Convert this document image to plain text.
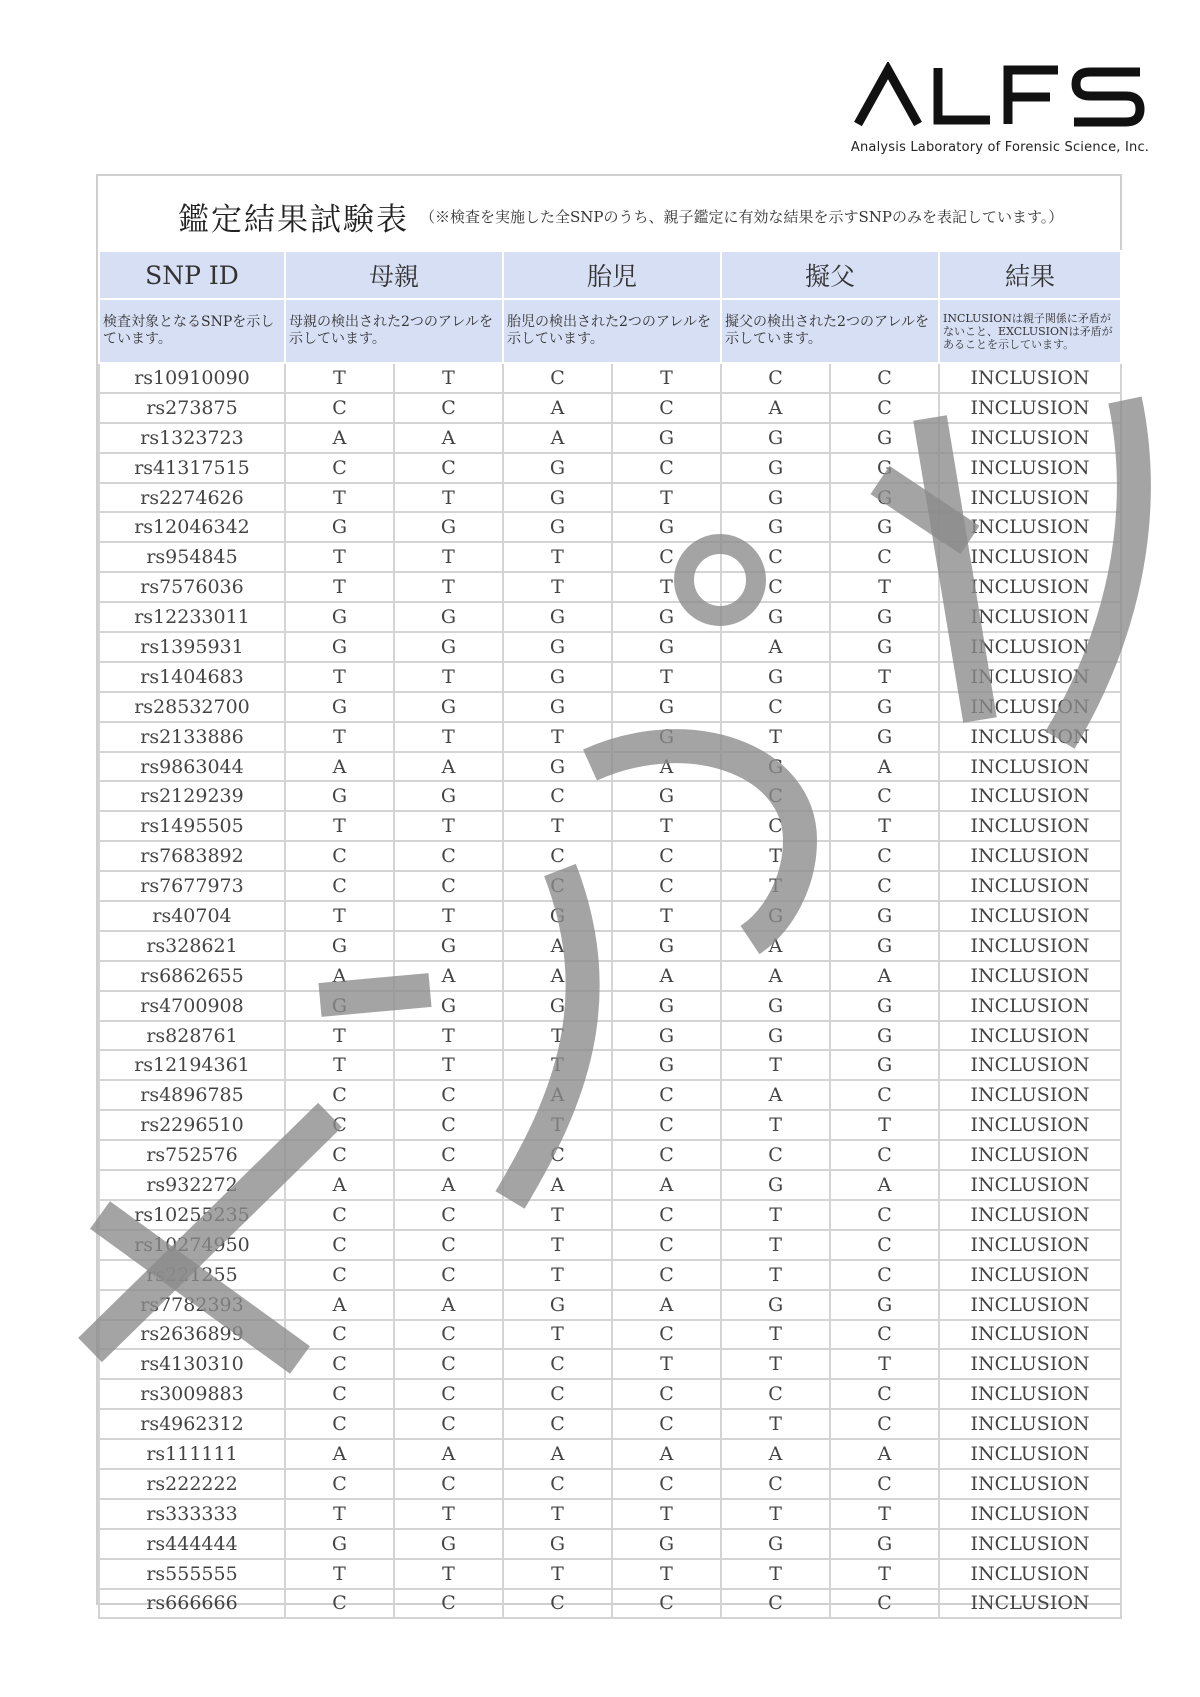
Analysis Laboratory of Forensic Science, Inc.
鑑定結果試験表 （※検査を実施した全SNPのうち、親子鑑定に有効な結果を示すSNPのみを表記しています。）
SNP ID	母親		胎児		擬父		結果
検査対象となるSNPを示しています。	母親の検出された2つのアレルを示しています。		胎児の検出された2つのアレルを示しています。		擬父の検出された2つのアレルを示しています。		INCLUSIONは親子関係に矛盾がないこと、EXCLUSIONは矛盾があることを示しています。
rs10910090	T	T	C	T	C	C	INCLUSION
rs273875	C	C	A	C	A	C	INCLUSION
rs1323723	A	A	A	G	G	G	INCLUSION
rs41317515	C	C	G	C	G	G	INCLUSION
rs2274626	T	T	G	T	G	G	INCLUSION
rs12046342	G	G	G	G	G	G	INCLUSION
rs954845	T	T	T	C	C	C	INCLUSION
rs7576036	T	T	T	T	C	T	INCLUSION
rs12233011	G	G	G	G	G	G	INCLUSION
rs1395931	G	G	G	G	A	G	INCLUSION
rs1404683	T	T	G	T	G	T	INCLUSION
rs28532700	G	G	G	G	C	G	INCLUSION
rs2133886	T	T	T	G	T	G	INCLUSION
rs9863044	A	A	G	A	G	A	INCLUSION
rs2129239	G	G	C	G	C	C	INCLUSION
rs1495505	T	T	T	T	C	T	INCLUSION
rs7683892	C	C	C	C	T	C	INCLUSION
rs7677973	C	C	C	C	T	C	INCLUSION
rs40704	T	T	G	T	G	G	INCLUSION
rs328621	G	G	A	G	A	G	INCLUSION
rs6862655	A	A	A	A	A	A	INCLUSION
rs4700908	G	G	G	G	G	G	INCLUSION
rs828761	T	T	T	G	G	G	INCLUSION
rs12194361	T	T	T	G	T	G	INCLUSION
rs4896785	C	C	A	C	A	C	INCLUSION
rs2296510	C	C	T	C	T	T	INCLUSION
rs752576	C	C	C	C	C	C	INCLUSION
rs932272	A	A	A	A	G	A	INCLUSION
rs10255235	C	C	T	C	T	C	INCLUSION
rs10274950	C	C	T	C	T	C	INCLUSION
rs221255	C	C	T	C	T	C	INCLUSION
rs7782393	A	A	G	A	G	G	INCLUSION
rs2636899	C	C	T	C	T	C	INCLUSION
rs4130310	C	C	C	T	T	T	INCLUSION
rs3009883	C	C	C	C	C	C	INCLUSION
rs4962312	C	C	C	C	T	C	INCLUSION
rs111111	A	A	A	A	A	A	INCLUSION
rs222222	C	C	C	C	C	C	INCLUSION
rs333333	T	T	T	T	T	T	INCLUSION
rs444444	G	G	G	G	G	G	INCLUSION
rs555555	T	T	T	T	T	T	INCLUSION
rs666666	C	C	C	C	C	C	INCLUSION
